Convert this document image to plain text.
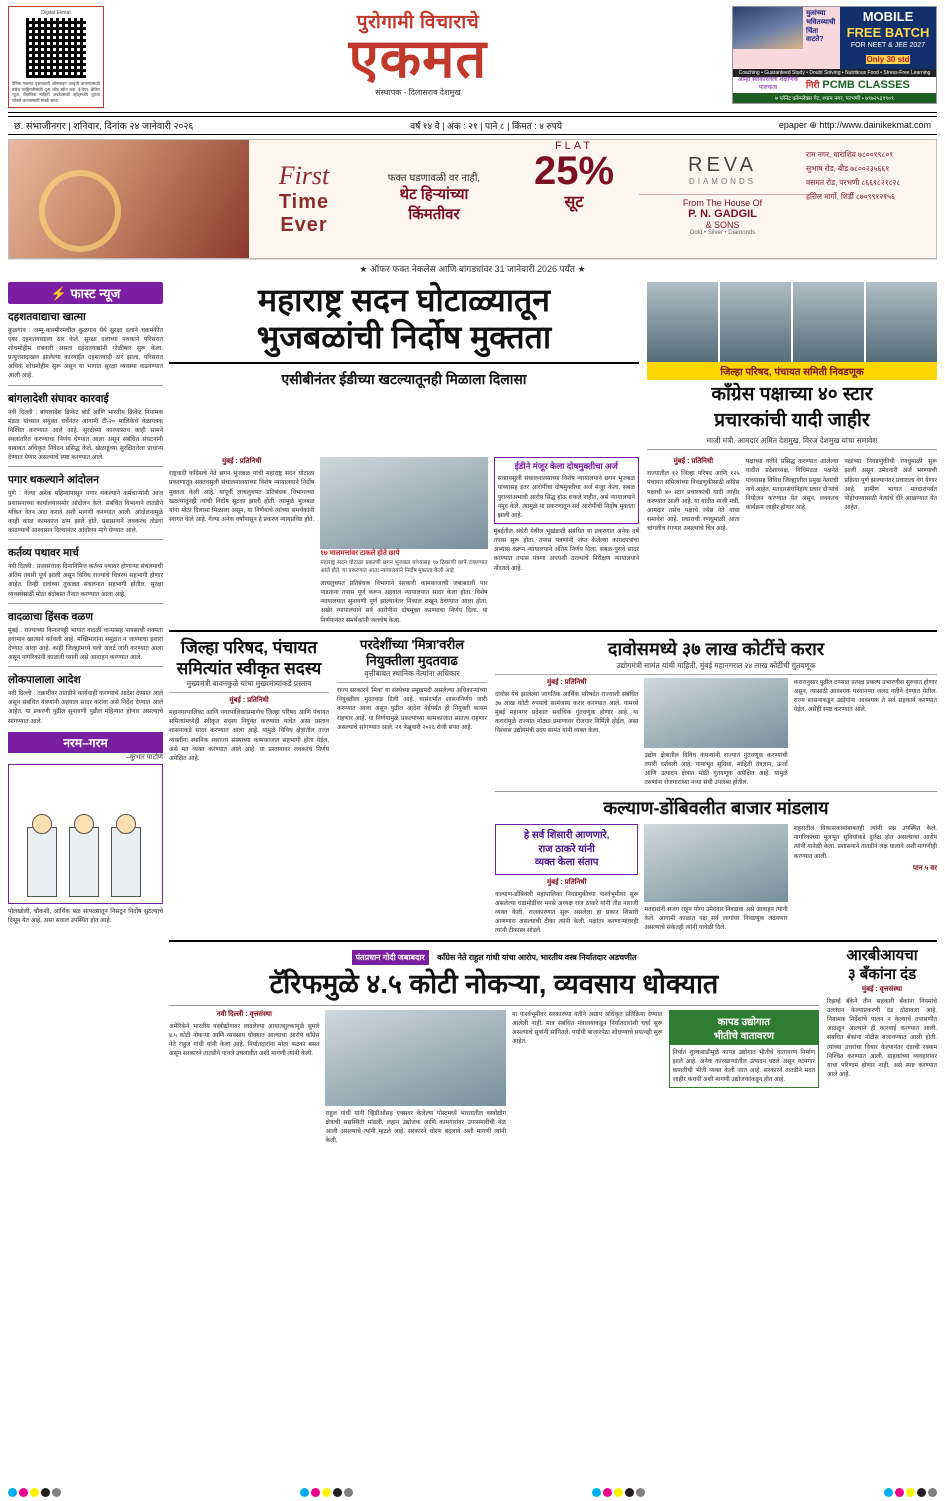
Digital Ekmat
दैनिक एकमत वृत्तपत्राची ऑनलाइन आवृत्ती वाचण्यासाठी तसेच जाहिरातीसाठी QR कोड स्कॅन करा. ई-पेपर, ब्रेकिंग न्यूज, शैक्षणिक माहिती अपडेटसाठी व्हॉट्सअ‍ॅप ग्रुपला जोडले जाण्यासाठी संपर्क साधा.
पुरोगामी विचाराचे
एकमत
संस्थापक - दिलासराव देशमुख
मुलांच्या भवितव्याची चिंता वाटते?
MOBILE
FREE BATCH
FOR NEET & JEE 2027
Only 30 std
Coaching • Guaranteed Study • Doubt Solving • Nutritious Food • Stress-Free Learning
आम्ही स्वीकारलेला शैक्षणिक पालकत्व	गिरी PCMB CLASSES
७ प्लॅनेट कॉम्प्लेक्स गेट, श्याम नगर, परभणी • ७९७२५३९९०९
छ. संभाजीनगर | शनिवार, दिनांक २४ जानेवारी २०२६	वर्ष १४ वे | अंक : २१ | पाने ८ | किंमत : ४ रुपये	epaper ⊕ http://www.dainikekmat.com
First
Time
Ever
फक्त घडणावळी वर नाही,
थेट हिऱ्यांच्या
किंमतीवर
FLAT
25%
सूट
REVA
DIAMONDS
From The House Of
P. N. GADGIL
& SONS
Gold • Silver • Diamonds
राम नगर, धाराशिव ७८००१९८०९
सुभाष रोड, बीड ७८००२३५६६१
वसमत रोड, परभणी ८६६९८२१८२८
हरिोल मार्गो, शिर्डी ८७०९९१२१५६
★ ऑफर फक्त नेकलेस आणि बांगड्यांवर 31 जानेवारी 2026 पर्यंत ★
⚡ फास्ट न्यूज
दहशतवाद्याचा खात्मा
कुळगाव : जम्मू-काश्मीरमधील कुळगाव येथे सुरक्षा दलाने चकमकीत एका दहशतवाद्याला ठार केले. सुरक्षा दलाच्या पथकाने परिसरात शोधमोहीम राबवली असता दहशतवाद्यांनी गोळीबार सुरू केला. प्रत्युत्तरादाखल झालेल्या कारवाईत दहशतवादी ठार झाला. परिसरात अधिक शोधमोहीम सुरू असून या भागात सुरक्षा व्यवस्था वाढवण्यात आली आहे.
बांगलादेशी संघावर कारवाई
नवी दिल्ली : बांगलादेश क्रिकेट बोर्ड आणि भारतीय क्रिकेट नियामक मंडळ यांच्यात संयुक्त चर्चेनंतर आगामी टी-२० मालिकेचे वेळापत्रक निश्चित करण्यात आले आहे. सुरक्षेच्या कारणास्तव काही सामने स्थलांतरित करण्याचा निर्णय घेण्यात आला असून संबंधित संघटनांनी याबाबत अधिकृत निवेदन प्रसिद्ध केले. खेळाडूंच्या सुरक्षिततेला प्राधान्य देण्यात येणार असल्याचे स्पष्ट करण्यात आले.
पगार थकल्याने आंदोलन
पुणे : गेल्या अनेक महिन्यांपासून पगार थकल्याने कर्मचाऱ्यांनी आज प्रशासनाच्या कार्यालयासमोर आंदोलन केले. संबंधित विभागाने तातडीने थकित वेतन अदा करावे अशी मागणी करण्यात आली. आंदोलनामुळे काही काळ कामकाज ठप्प झाले होते. प्रशासनाने लवकरच तोडगा काढण्याचे आश्वासन दिल्यानंतर आंदोलन मागे घेण्यात आले.
कर्तव्य पथावर मार्च
नवी दिल्ली : प्रजासत्ताक दिनानिमित्त कर्तव्य पथावर होणाऱ्या संचलनाची अंतिम तयारी पूर्ण झाली असून विविध राज्यांचे चित्ररथ सहभागी होणार आहेत. तिन्ही दलांच्या तुकड्या संचलनात सहभागी होतील. सुरक्षा व्यवस्थेसाठी मोठा बंदोबस्त तैनात करण्यात आला आहे.
वादळाचा हिंसक वळण
मुंबई : राज्याच्या किनारपट्टी भागात वादळी वाऱ्यासह पावसाची शक्यता हवामान खात्याने वर्तवली आहे. मच्छिमारांना समुद्रात न जाण्याचा इशारा देण्यात आला आहे. काही जिल्ह्यांमध्ये यलो अलर्ट जारी करण्यात आला असून नागरिकांनी काळजी घ्यावी असे आवाहन करण्यात आले.
लोकपालाला आदेश
नवी दिल्ली : तक्रारींवर तातडीने कार्यवाही करण्याचे आदेश देण्यात आले असून संबंधित यंत्रणांनी अहवाल सादर करावा असे निर्देश देण्यात आले आहेत. या प्रकरणी पुढील सुनावणी पुढील महिन्यात होणार असल्याचे सांगण्यात आले.
नरम–गरम
–कुंभार पाटोणे
पोलखोली, चौकशी, आर्थिक बळ सापळ्यातून निसटून निर्दोष सुटल्याचे दिसून येत आहे, असा सवाल उपस्थित होत आहे.
महाराष्ट्र सदन घोटाळ्यातून
भुजबळांची निर्दोष मुक्तता
एसीबीनंतर ईडीच्या खटल्यातूनही मिळाला दिलासा	जिल्हा परिषद, पंचायत समिती निवडणूक
काँग्रेस पक्षाच्या ४० स्टार
प्रचारकांची यादी जाहीर
माजी मंत्री, आमदार अमित देशमुख, विरज देशमुख यांचा समावेश
मुंबई : प्रतिनिधी
राष्ट्रवादी काँग्रेसचे नेते छगन भुजबळ यांची महाराष्ट्र सदन घोटाळा प्रकरणातून सक्तवसुली संचालनालयाच्या विशेष न्यायालयाने निर्दोष मुक्तता केली आहे. यापूर्वी लाचलुचपत प्रतिबंधक विभागाच्या खटल्यातूनही त्यांची निर्दोष सुटका झाली होती. त्यामुळे भुजबळ यांना मोठा दिलासा मिळाला असून, या निर्णयाचे त्यांच्या समर्थकांनी स्वागत केले आहे. गेल्या अनेक वर्षांपासून हे प्रकरण न्यायप्रविष्ट होते.
१७ मालमत्तांवर टाकले होते छापे
महाराष्ट्र सदन घोटाळा प्रकरणी छगन भुजबळ यांच्यासह १७ ठिकाणी छापे टाकण्यात आले होते. या प्रकरणात आता न्यायालयाने निर्दोष मुक्तता केली आहे.
लाचलुचपत प्रतिबंधक विभागाने सरकारी कामकाजाची जबाबदारी पार पाडताना तपास पूर्ण करून अहवाल न्यायालयात सादर केला होता. विशेष न्यायालयात सुनावणी पूर्ण झाल्यानंतर निकाल राखून ठेवण्यात आला होता. अखेर न्यायालयाने सर्व आरोपींना दोषमुक्त करण्याचा निर्णय दिला. या निर्णयानंतर समर्थकांनी जल्लोष केला.
ईडीने मंजूर केला दोषमुक्तीचा अर्ज
सक्तवसुली संचालनालयाच्या विशेष न्यायालयाने छगन भुजबळ यांच्यासह इतर आरोपींचा दोषमुक्तीचा अर्ज मंजूर केला. सबळ पुराव्यांअभावी आरोप सिद्ध होऊ शकले नाहीत, असे न्यायालयाने नमूद केले. त्यामुळे या प्रकरणातून सर्व आरोपींची निर्दोष मुक्तता झाली आहे.
मुंबईतील अंधेरी येथील भूखंडाशी संबंधित या प्रकरणात अनेक वर्षे तपास सुरू होता. तपास यंत्रणांनी जप्त केलेल्या कागदपत्रांचा अभ्यास करून न्यायालयाने अंतिम निर्णय दिला. सबळ पुरावे सादर करण्यात तपास यंत्रणा अपयशी ठरल्याचे निरीक्षण न्यायालयाने नोंदवले आहे.
मुंबई : प्रतिनिधी
राज्यातील १२ जिल्हा परिषद आणि १२५ पंचायत समित्यांच्या निवडणुकीसाठी काँग्रेस पक्षाची ४० स्टार प्रचारकांची यादी जाहीर करण्यात आली आहे. या यादीत माजी मंत्री, आमदार तसेच पक्षाचे ज्येष्ठ नेते यांचा समावेश आहे. प्रचाराची रणधुमाळी आता चांगलीच रंगणार असल्याचे चित्र आहे.
पक्षाच्या वतीने प्रसिद्ध करण्यात आलेल्या यादीत प्रदेशाध्यक्ष, विधिमंडळ पक्षनेते यांच्यासह विविध जिल्ह्यांतील प्रमुख नेत्यांची नावे आहेत. मतदारसंघनिहाय प्रचार दौऱ्यांचे नियोजन करण्यात येत असून, लवकरच कार्यक्रम जाहीर होणार आहे.
पक्षांच्या निवडणुकीची रणधुमाळी सुरू झाली असून उमेदवारी अर्ज भरण्याची प्रक्रिया पूर्ण झाल्यानंतर प्रचाराला वेग येणार आहे. ग्रामीण भागात मतदारांपर्यंत पोहोचण्यासाठी नेत्यांचे दौरे आखण्यात येत आहेत.
जिल्हा परिषद, पंचायत
समित्यांत स्वीकृत सदस्य
मुख्यमंत्री बावनकुळे यांचा मुख्यमंत्र्यांकडे प्रस्ताव
मुंबई : प्रतिनिधी
महानगरपालिका आणि नगरपालिकांप्रमाणेच जिल्हा परिषद आणि पंचायत समित्यांमध्येही स्वीकृत सदस्य नियुक्त करण्यात यावेत असा प्रस्ताव शासनाकडे सादर करण्यात आला आहे. यामुळे विविध क्षेत्रांतील तज्ज्ञ व्यक्तींना स्थानिक स्वराज्य संस्थांच्या कामकाजात सहभागी होता येईल, असे मत व्यक्त करण्यात आले आहे. या प्रस्तावावर लवकरच निर्णय अपेक्षित आहे.
परदेशींच्या 'मित्रा'वरील
नियुक्तीला मुदतवाढ
वृत्तीबाबत स्थानिक नेत्यांना अधिकार
राज्य सरकारने 'मित्रा' या संस्थेच्या प्रमुखपदी असलेल्या अधिकाऱ्यांच्या नियुक्तीला मुदतवाढ दिली आहे. यासंदर्भात शासननिर्णय जारी करण्यात आला असून पुढील आदेश येईपर्यंत ही नियुक्ती कायम राहणार आहे. या निर्णयामुळे प्रकल्पांच्या कामकाजात सातत्य राहणार असल्याचे सांगण्यात आले. २१ फेब्रुवारी २०२६ रोजी संपत आहे.
दावोसमध्ये ३७ लाख कोटींचे करार
उद्योगमंत्री सामंत यांची माहिती, मुंबई महानगरात २४ लाख कोटींची गुंतवणूक
मुंबई : प्रतिनिधी
दावोस येथे झालेल्या जागतिक आर्थिक परिषदेत राज्याशी संबंधित ३७ लाख कोटी रुपयांचे सामंजस्य करार करण्यात आले. यामध्ये मुंबई महानगर प्रदेशात सर्वाधिक गुंतवणूक होणार आहे. या करारांमुळे राज्यात मोठ्या प्रमाणावर रोजगार निर्मिती होईल, असा विश्वास उद्योगमंत्री उदय सामंत यांनी व्यक्त केला.
उद्योग क्षेत्रातील विविध कंपन्यांनी राज्यात गुंतवणूक करण्याची तयारी दर्शवली आहे. पायाभूत सुविधा, माहिती तंत्रज्ञान, ऊर्जा आणि उत्पादन क्षेत्रात मोठी गुंतवणूक अपेक्षित आहे. यामुळे तरुणांना रोजगाराच्या नव्या संधी उपलब्ध होतील.
करारानुसार पुढील टप्प्यात प्रत्यक्ष प्रकल्प उभारणीस सुरुवात होणार असून, त्यासाठी आवश्यक परवानग्या जलद गतीने देण्यात येतील. राज्य शासनाकडून उद्योगांना आवश्यक ते सर्व सहकार्य करण्यात येईल, असेही स्पष्ट करण्यात आले.
कल्याण-डोंबिवलीत बाजार मांडलाय
हे सर्व शिसारी आणणारे,
राज ठाकरे यांनी
व्यक्त केला संताप
मुंबई : प्रतिनिधी
कल्याण-डोंबिवली महापालिका निवडणुकीच्या पार्श्वभूमीवर सुरू असलेल्या घडामोडींवर मनसे अध्यक्ष राज ठाकरे यांनी तीव्र नाराजी व्यक्त केली. राजकारणात सुरू असलेला हा प्रकार शिसारी आणणारा असल्याची टीका त्यांनी केली. पक्षांतर करणाऱ्यांवरही त्यांनी टीकास्त्र सोडले.
मतदारांनी सजग राहून योग्य उमेदवार निवडावा असे आवाहन त्यांनी केले. आगामी काळात पक्ष सर्व जागांवर निवडणूक लढवणार असल्याचे संकेतही त्यांनी यावेळी दिले.
शहरातील विकासकामांबाबतही त्यांनी प्रश्न उपस्थित केले. नागरिकांच्या मूलभूत सुविधांकडे दुर्लक्ष होत असल्याचा आरोप त्यांनी यावेळी केला. प्रशासनाने तातडीने लक्ष घालावे अशी मागणीही करण्यात आली.
पान ५ वर
पंतप्रधान गोदी जबाबदार काँग्रेस नेते राहुल गांधी यांचा आरोप, भारतीय वस्त्र निर्यातदार अडचणीत
टॅरिफमुळे ४.५ कोटी नोकऱ्या, व्यवसाय धोक्यात
नवी दिल्ली : वृत्तसंस्था
अमेरिकेने भारतीय वस्त्रोद्योगावर लादलेल्या आयातशुल्कामुळे सुमारे ४.५ कोटी नोकऱ्या आणि व्यवसाय धोक्यात आल्याचा आरोप काँग्रेस नेते राहुल गांधी यांनी केला आहे. निर्यातदारांना मोठा फटका बसत असून सरकारने तातडीने पावले उचलावीत अशी मागणी त्यांनी केली.
राहुल गांधी यांनी व्हिडीओसह एक्सवर केलेल्या पोस्टमध्ये भारतातील वस्त्रोद्योग क्षेत्राची सद्यस्थिती मांडली. लहान उद्योजक आणि कामगारांवर उपासमारीची वेळ आली असल्याचे त्यांनी म्हटले आहे. सरकारने धोरण बदलावे अशी मागणी त्यांनी केली.
या पार्श्वभूमीवर सरकारच्या वतीने अद्याप अधिकृत प्रतिक्रिया देण्यात आलेली नाही. मात्र संबंधित मंत्रालयाकडून निर्यातदारांशी चर्चा सुरू असल्याचे सूत्रांनी सांगितले. पर्यायी बाजारपेठा शोधण्याचे प्रयत्नही सुरू आहेत.
कापड उद्योगात
भीतीचे वातावरण
निर्यात शुल्कवाढीमुळे कापड उद्योगात भीतीचे वातावरण निर्माण झाले आहे. अनेक कारखान्यांतील उत्पादन घटले असून कामगार कपातीची भीती व्यक्त केली जात आहे. सरकारने तातडीने मदत जाहीर करावी अशी मागणी उद्योजकांकडून होत आहे.
आरबीआयचा
३ बँकांना दंड
मुंबई : वृत्तसंस्था
रिझर्व्ह बँकेने तीन सहकारी बँकांना नियमांचे उल्लंघन केल्याप्रकरणी दंड ठोठावला आहे. नियामक निर्देशांचे पालन न केल्याचे तपासणीत आढळून आल्याने ही कारवाई करण्यात आली. संबंधित बँकांना नोटीस बजावण्यात आली होती. त्यांच्या उत्तरांचा विचार केल्यानंतर दंडाची रक्कम निश्चित करण्यात आली. ग्राहकांच्या व्यवहारांवर याचा परिणाम होणार नाही, असे स्पष्ट करण्यात आले आहे.
